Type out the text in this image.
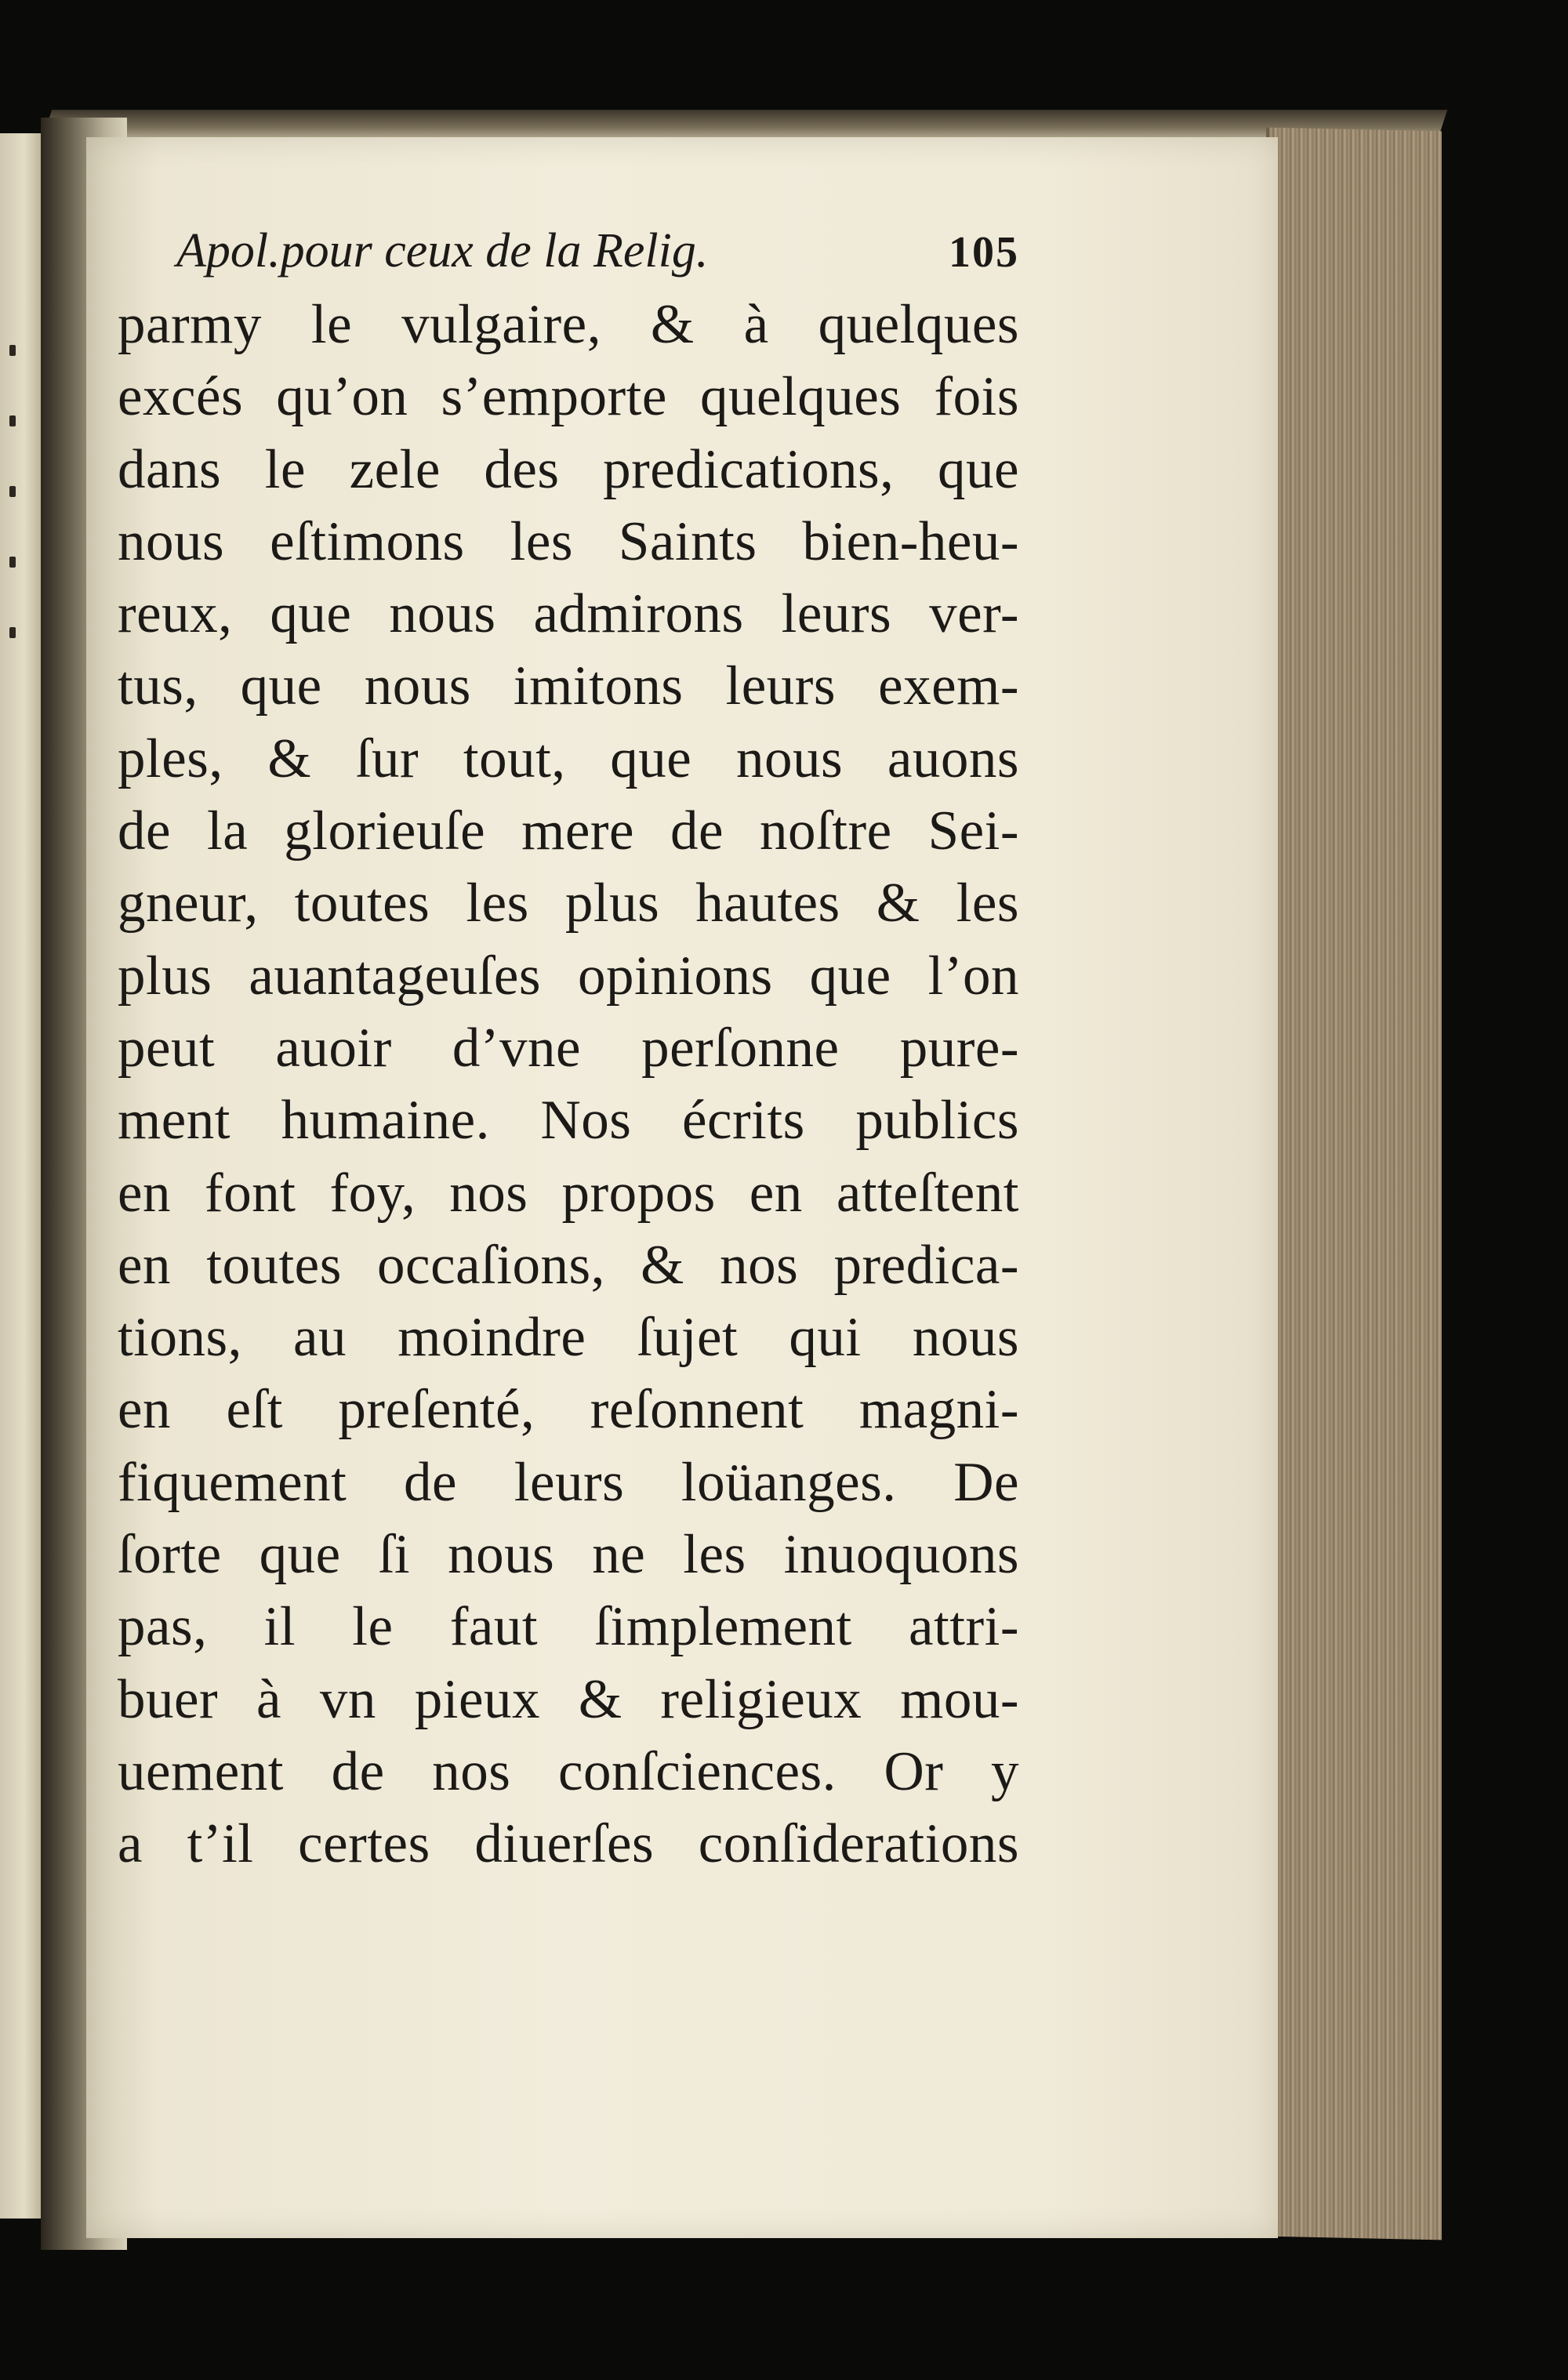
Apol.pour ceux de la Relig.	105
parmy le vulgaire, & à quelques
excés qu’on s’emporte quelques fois
dans le zele des predications, que
nous eſtimons les Saints bien-heu-
reux, que nous admirons leurs ver-
tus, que nous imitons leurs exem-
ples, & ſur tout, que nous auons
de la glorieuſe mere de noſtre Sei-
gneur, toutes les plus hautes & les
plus auantageuſes opinions que l’on
peut auoir d’vne perſonne pure-
ment humaine. Nos écrits publics
en font foy, nos propos en atteſtent
en toutes occaſions, & nos predica-
tions, au moindre ſujet qui nous
en eſt preſenté, reſonnent magni-
fiquement de leurs loüanges. De
ſorte que ſi nous ne les inuoquons
pas, il le faut ſimplement attri-
buer à vn pieux & religieux mou-
uement de nos conſciences. Or y
a t’il certes diuerſes conſiderations
